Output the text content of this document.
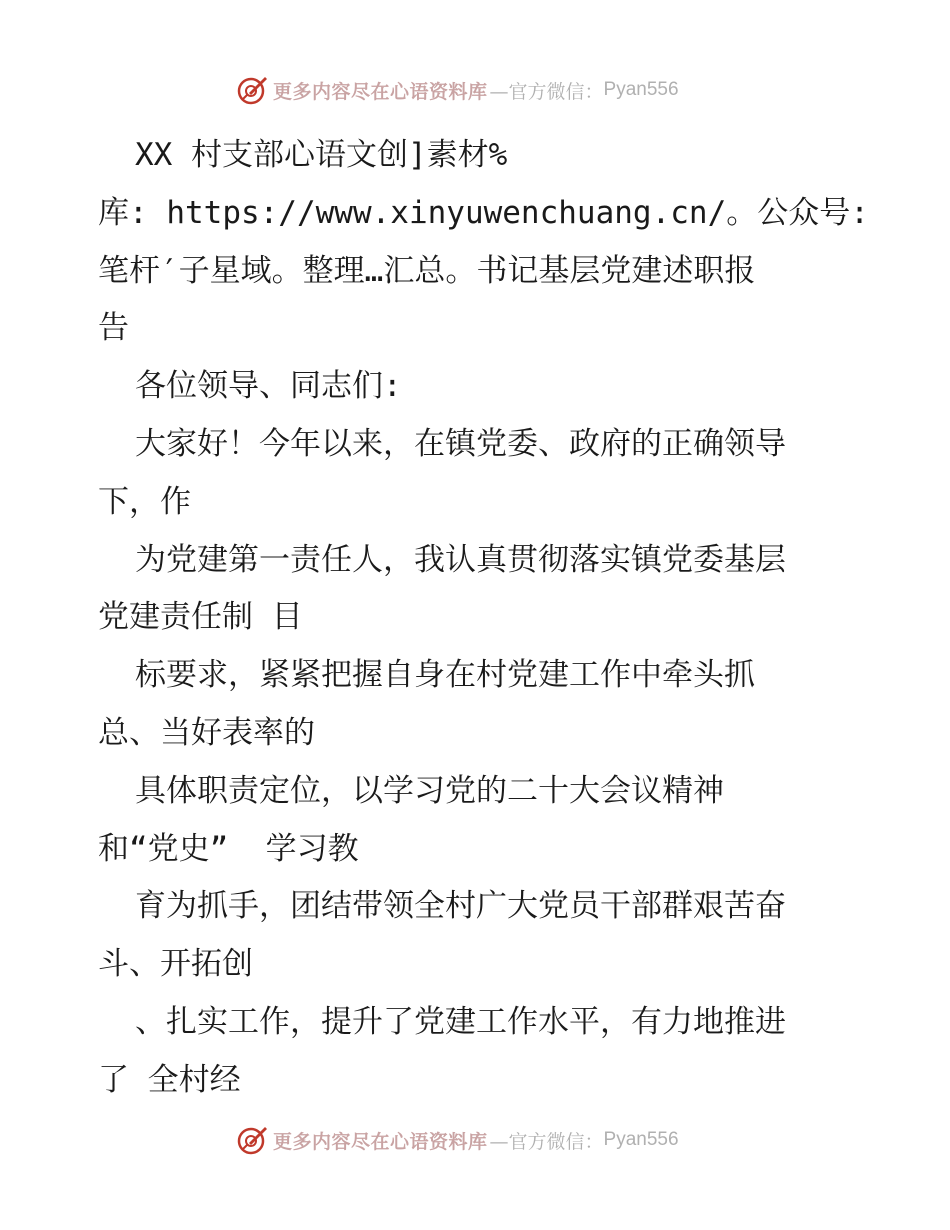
更多内容尽在心语资料库 —官方微信： Pyan556
XX 村支部心语文创]素材%
库: https://www.xinyuwenchuang.cn/。公众号:
笔杆′子星域。整理…汇总。书记基层党建述职报
告
各位领导、同志们:
大家好！今年以来，在镇党委、政府的正确领导
下，作
为党建第一责任人，我认真贯彻落实镇党委基层
党建责任制 目
标要求，紧紧把握自身在村党建工作中牵头抓
总、当好表率的
具体职责定位，以学习党的二十大会议精神
和“党史”  学习教
育为抓手，团结带领全村广大党员干部群艰苦奋
斗、开拓创
、扎实工作，提升了党建工作水平，有力地推进
了 全村经
更多内容尽在心语资料库 —官方微信： Pyan556
